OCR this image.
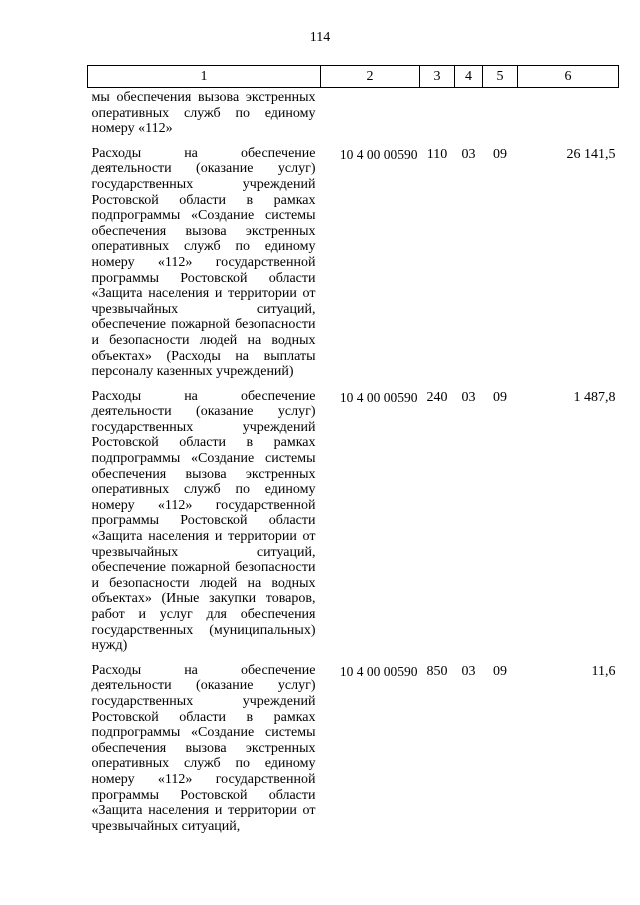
114
1	2	3	4	5	6
мы обеспечения вызова экстренных оперативных служб по единому номеру «112»					
Расходы на обеспечение деятельности (оказание услуг) государственных учреждений Ростовской области в рамках подпрограммы «Создание системы обеспечения вызова экстренных оперативных служб по единому номеру «112» государственной программы Ростовской области «Защита населения и территории от чрезвычайных ситуаций, обеспечение пожарной безопасности и безопасности людей на водных объектах» (Расходы на выплаты персоналу казенных учреждений)	10 4 00 00590	110	03	09	26 141,5
Расходы на обеспечение деятельности (оказание услуг) государственных учреждений Ростовской области в рамках подпрограммы «Создание системы обеспечения вызова экстренных оперативных служб по единому номеру «112» государственной программы Ростовской области «Защита населения и территории от чрезвычайных ситуаций, обеспечение пожарной безопасности и безопасности людей на водных объектах» (Иные закупки товаров, работ и услуг для обеспечения государственных (муниципальных) нужд)	10 4 00 00590	240	03	09	1 487,8
Расходы на обеспечение деятельности (оказание услуг) государственных учреждений Ростовской области в рамках подпрограммы «Создание системы обеспечения вызова экстренных оперативных служб по единому номеру «112» государственной программы Ростовской области «Защита населения и территории от чрезвычайных ситуаций,	10 4 00 00590	850	03	09	11,6
